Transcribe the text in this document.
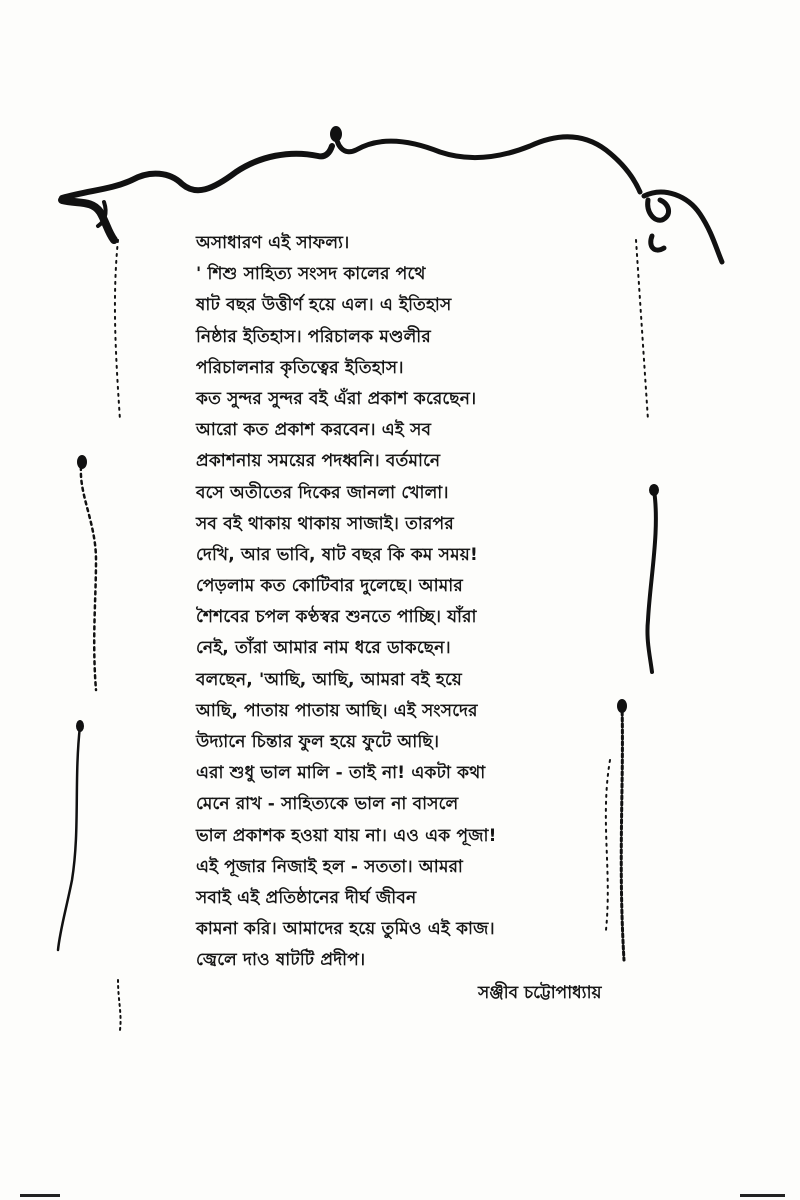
অসাধারণ এই সাফল্য।
' শিশু সাহিত্য সংসদ কালের পথে
ষাট বছর উত্তীর্ণ হয়ে এল। এ ইতিহাস
নিষ্ঠার ইতিহাস। পরিচালক মণ্ডলীর
পরিচালনার কৃতিত্বের ইতিহাস।
কত সুন্দর সুন্দর বই এঁরা প্রকাশ করেছেন।
আরো কত প্রকাশ করবেন। এই সব
প্রকাশনায় সময়ের পদধ্বনি। বর্তমানে
বসে অতীতের দিকের জানলা খোলা।
সব বই থাকায় থাকায় সাজাই। তারপর
দেখি, আর ভাবি, ষাট বছর কি কম সময়!
পেড়লাম কত কোটিবার দুলেছে। আমার
শৈশবের চপল কণ্ঠস্বর শুনতে পাচ্ছি। যাঁরা
নেই, তাঁরা আমার নাম ধরে ডাকছেন।
বলছেন, 'আছি, আছি, আমরা বই হয়ে
আছি, পাতায় পাতায় আছি। এই সংসদের
উদ্যানে চিন্তার ফুল হয়ে ফুটে আছি।
এরা শুধু ভাল মালি - তাই না! একটা কথা
মেনে রাখ - সাহিত্যকে ভাল না বাসলে
ভাল প্রকাশক হওয়া যায় না। এও এক পূজা!
এই পূজার নিজাই হল - সততা। আমরা
সবাই এই প্রতিষ্ঠানের দীর্ঘ জীবন
কামনা করি। আমাদের হয়ে তুমিও এই কাজ।
জ্বেলে দাও ষাটটি প্রদীপ।
সঞ্জীব চট্টোপাধ্যায়
